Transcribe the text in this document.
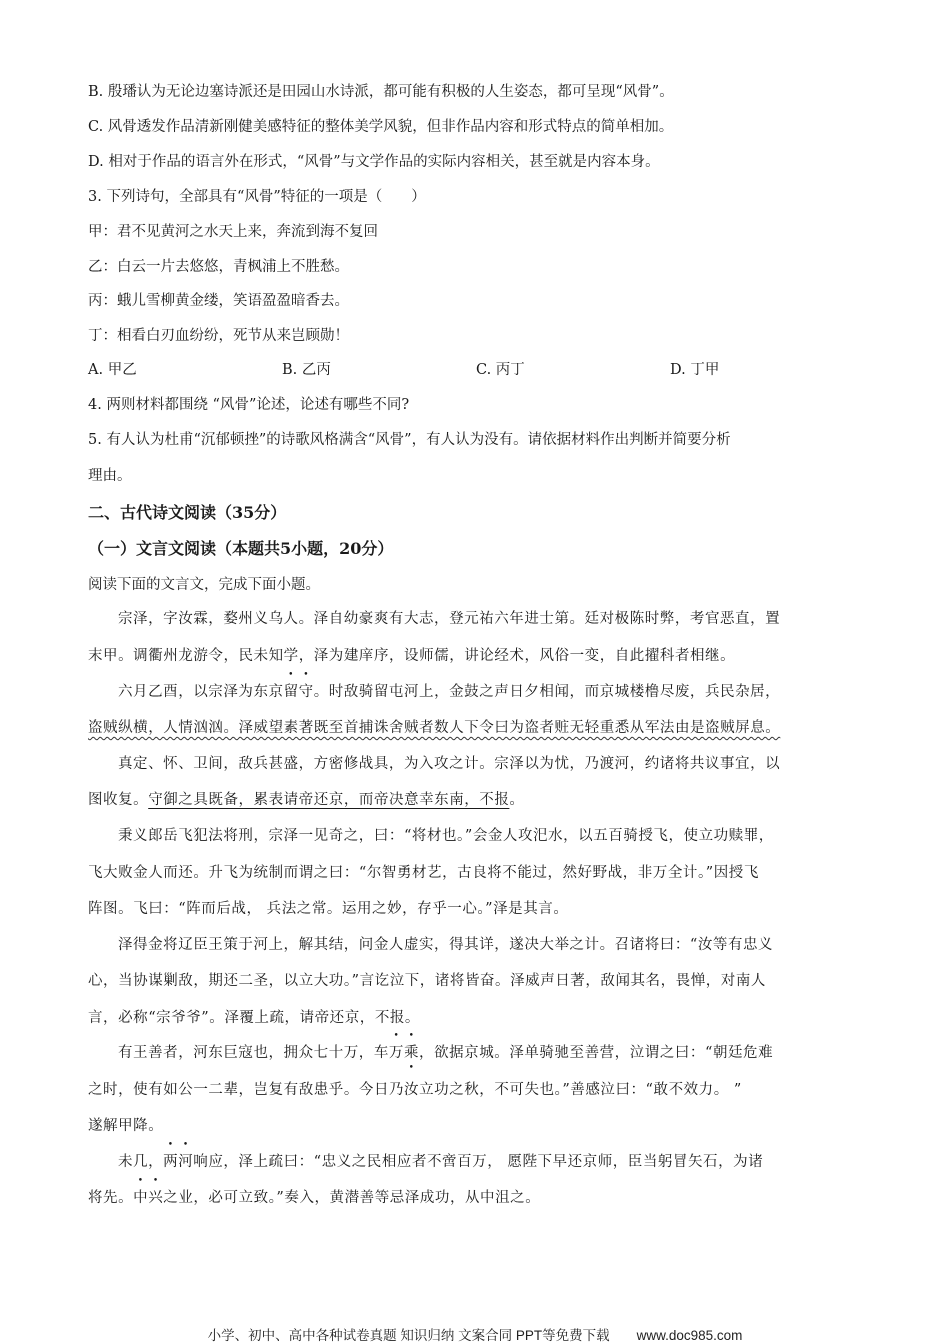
B. 殷璠认为无论边塞诗派还是田园山水诗派，都可能有积极的人生姿态，都可呈现“风骨”。
C. 风骨透发作品清新刚健美感特征的整体美学风貌，但非作品内容和形式特点的简单相加。
D. 相对于作品的语言外在形式，“风骨”与文学作品的实际内容相关，甚至就是内容本身。
3. 下列诗句，全部具有“风骨”特征的一项是（　　）
甲：君不见黄河之水天上来，奔流到海不复回
乙：白云一片去悠悠，青枫浦上不胜愁。
丙：蛾儿雪柳黄金缕，笑语盈盈暗香去。
丁：相看白刃血纷纷，死节从来岂顾勋！
A. 甲乙	B. 乙丙	C. 丙丁	D. 丁甲
4. 两则材料都围绕 “风骨”论述，论述有哪些不同?
5. 有人认为杜甫“沉郁顿挫”的诗歌风格满含“风骨”，有人认为没有。请依据材料作出判断并简要分析
理由。
二、古代诗文阅读（35分）
（一）文言文阅读（本题共5小题，20分）
阅读下面的文言文，完成下面小题。
宗泽，字汝霖，婺州义乌人。泽自幼豪爽有大志，登元祐六年进士第。廷对极陈时弊，考官恶直，置
末甲。调衢州龙游令，民未知学，泽为建庠序，设师儒，讲论经术，风俗一变，自此擢科者相继。
六月乙酉，以宗泽为东京留守。时敌骑留屯河上，金鼓之声日夕相闻，而京城楼橹尽废，兵民杂居，
盗贼纵横，人情汹汹。泽威望素著既至首捕诛舍贼者数人下令曰为盗者赃无轻重悉从军法由是盗贼屏息。
真定、怀、卫间，敌兵甚盛，方密修战具，为入攻之计。宗泽以为忧，乃渡河，约诸将共议事宜，以
图收复。守御之具既备，累表请帝还京，而帝决意幸东南，不报。
秉义郎岳飞犯法将刑，宗泽一见奇之，曰：“将材也。”会金人攻汜水，以五百骑授飞，使立功赎罪，
飞大败金人而还。升飞为统制而谓之曰：“尔智勇材艺，古良将不能过，然好野战，非万全计。”因授飞
阵图。飞曰：“阵而后战， 兵法之常。运用之妙，存乎一心。”泽是其言。
泽得金将辽臣王策于河上，解其结，问金人虚实，得其详，遂决大举之计。召诸将曰：“汝等有忠义
心，当协谋剿敌，期还二圣，以立大功。”言讫泣下，诸将皆奋。泽威声日著，敌闻其名，畏惮，对南人
言，必称“宗爷爷”。泽覆上疏，请帝还京，不报。
有王善者，河东巨寇也，拥众七十万，车万乘，欲据京城。泽单骑驰至善营，泣谓之曰：“朝廷危难
之时，使有如公一二辈，岂复有敌患乎。今日乃汝立功之秋，不可失也。”善感泣曰：“敢不效力。 ”
遂解甲降。
未几，两河响应，泽上疏曰：“忠义之民相应者不啻百万， 愿陛下早还京师，臣当躬冒矢石，为诸
将先。中兴之业，必可立致。”奏入，黄潜善等忌泽成功，从中沮之。
小学、初中、高中各种试卷真题 知识归纳 文案合同 PPT等免费下载　　www.doc985.com
